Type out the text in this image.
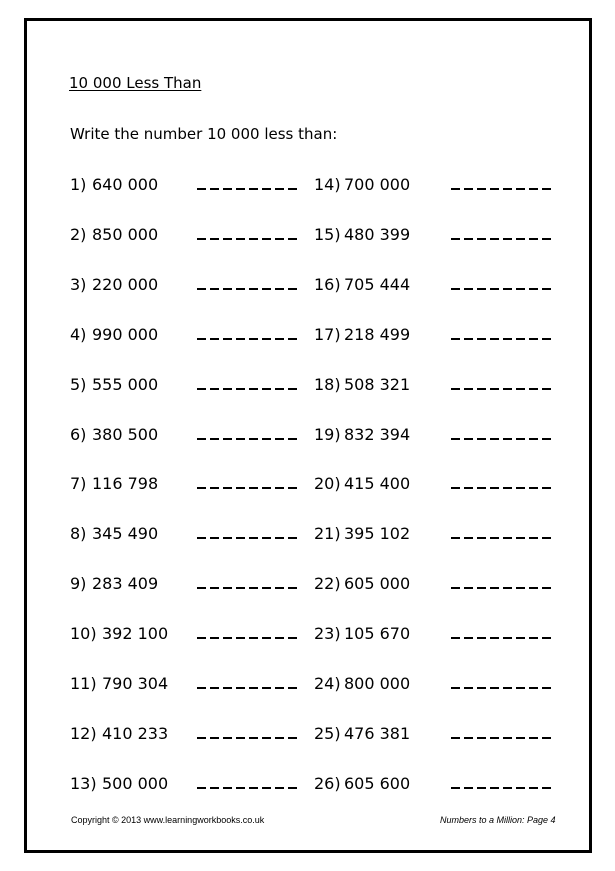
10 000 Less Than
Write the number 10 000 less than:
1) 640 000
2) 850 000
3) 220 000
4) 990 000
5) 555 000
6) 380 500
7) 116 798
8) 345 490
9) 283 409
10) 392 100
11) 790 304
12) 410 233
13) 500 000
14) 700 000
15) 480 399
16) 705 444
17) 218 499
18) 508 321
19) 832 394
20) 415 400
21) 395 102
22) 605 000
23) 105 670
24) 800 000
25) 476 381
26) 605 600
Copyright © 2013 www.learningworkbooks.co.uk	Numbers to a Million: Page 4
